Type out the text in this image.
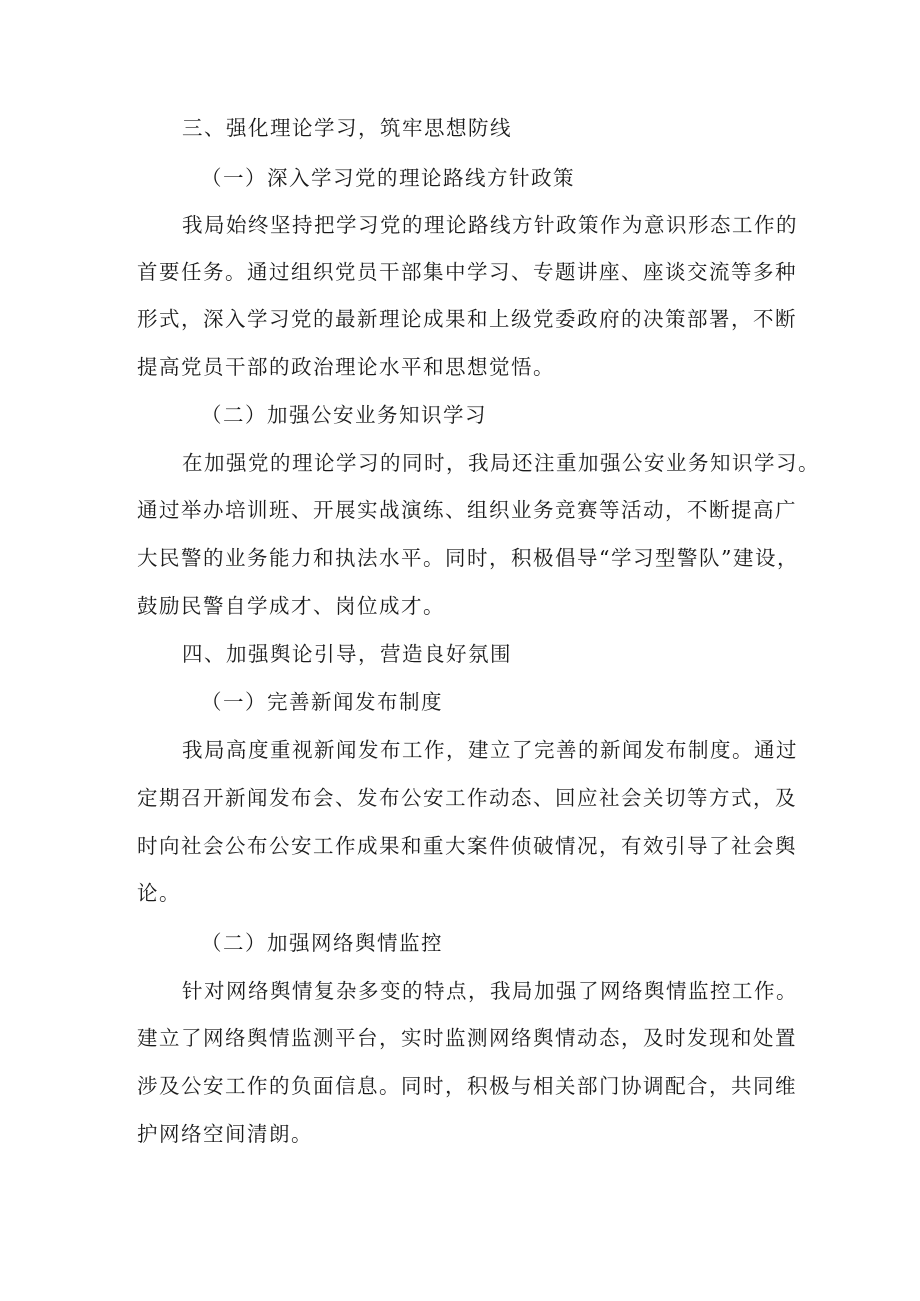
三、强化理论学习，筑牢思想防线

（一）深入学习党的理论路线方针政策

我局始终坚持把学习党的理论路线方针政策作为意识形态工作的

首要任务。通过组织党员干部集中学习、专题讲座、座谈交流等多种

形式，深入学习党的最新理论成果和上级党委政府的决策部署，不断

提高党员干部的政治理论水平和思想觉悟。

（二）加强公安业务知识学习

在加强党的理论学习的同时，我局还注重加强公安业务知识学习。

通过举办培训班、开展实战演练、组织业务竞赛等活动，不断提高广

大民警的业务能力和执法水平。同时，积极倡导“学习型警队”建设，

鼓励民警自学成才、岗位成才。

四、加强舆论引导，营造良好氛围

（一）完善新闻发布制度

我局高度重视新闻发布工作，建立了完善的新闻发布制度。通过

定期召开新闻发布会、发布公安工作动态、回应社会关切等方式，及

时向社会公布公安工作成果和重大案件侦破情况，有效引导了社会舆

论。

（二）加强网络舆情监控

针对网络舆情复杂多变的特点，我局加强了网络舆情监控工作。

建立了网络舆情监测平台，实时监测网络舆情动态，及时发现和处置

涉及公安工作的负面信息。同时，积极与相关部门协调配合，共同维

护网络空间清朗。
